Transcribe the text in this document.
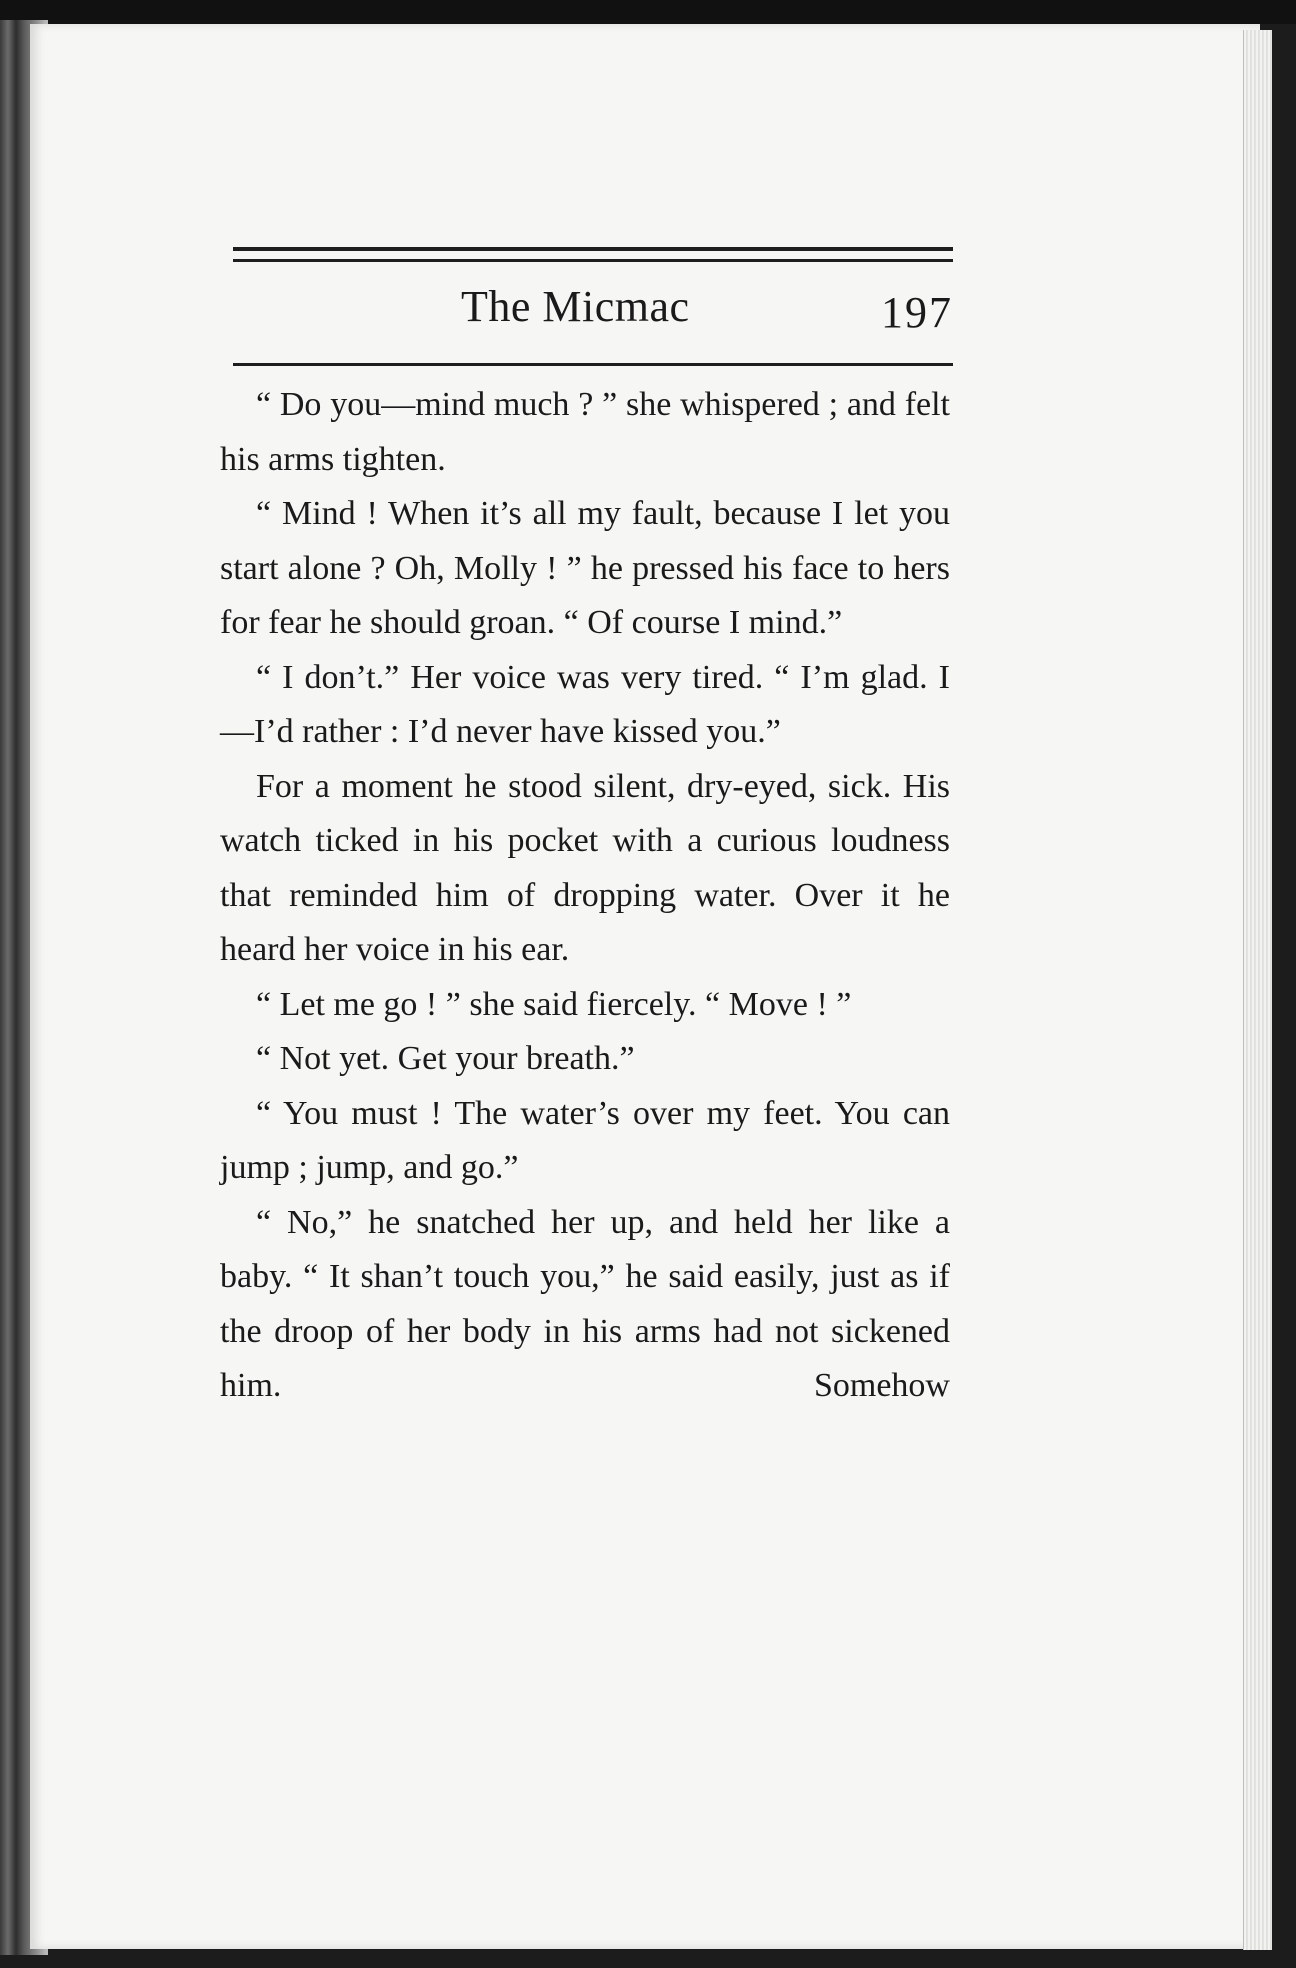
The Micmac	197

“ Do you—mind much ? ” she whispered ; and felt his arms tighten.

“ Mind ! When it’s all my fault, because I let you start alone ? Oh, Molly ! ” he pressed his face to hers for fear he should groan. “ Of course I mind.”

“ I don’t.” Her voice was very tired. “ I’m glad. I—I’d rather : I’d never have kissed you.”

For a moment he stood silent, dry-eyed, sick. His watch ticked in his pocket with a curious loudness that reminded him of dropping water. Over it he heard her voice in his ear.

“ Let me go ! ” she said fiercely. “ Move ! ”

“ Not yet. Get your breath.”

“ You must ! The water’s over my feet. You can jump ; jump, and go.”

“ No,” he snatched her up, and held her like a baby. “ It shan’t touch you,” he said easily, just as if the droop of her body in his arms had not sickened him. Somehow
